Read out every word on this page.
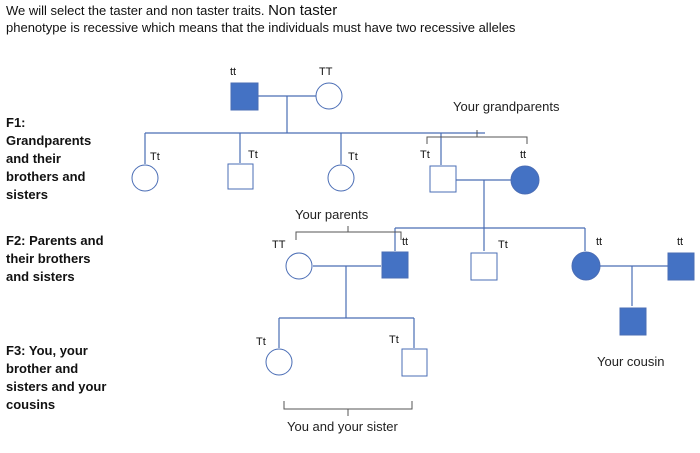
We will select the taster and non taster traits. Non taster
phenotype is recessive which means that the individuals must have two recessive alleles
F1: Grandparents and their brothers and sisters
F2: Parents and their brothers and sisters
F3: You, your brother and sisters and your cousins
tt	TT
Tt	Tt	Tt	Tt	tt
TT	tt	Tt	tt	tt
Tt	Tt
Your grandparents
Your parents
Your cousin
You and your sister
